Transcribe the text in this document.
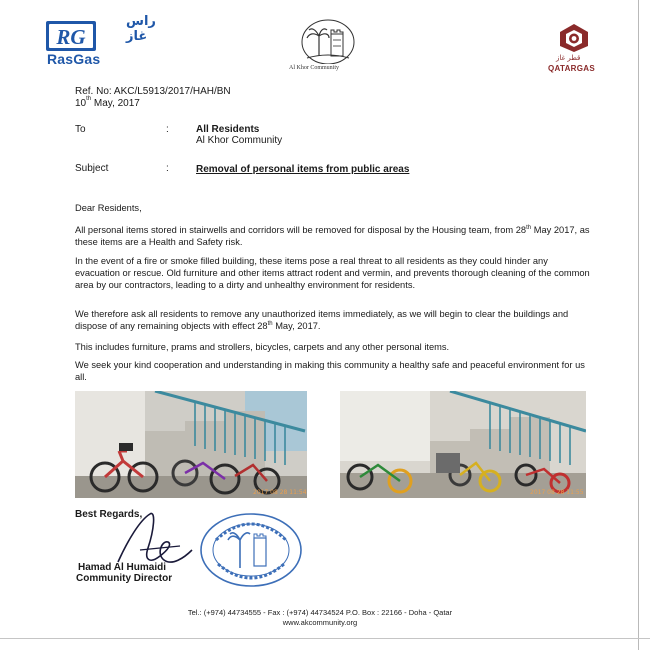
RG
راس غاز
RasGas
Al Khor Community
قطر غاز
QATARGAS
Ref. No: AKC/L5913/2017/HAH/BN
10th May, 2017
To	:	All Residents
Al Khor Community
Subject	:	Removal of personal items from public areas
Dear Residents,
All personal items stored in stairwells and corridors will be removed for disposal by the Housing team, from 28th May 2017, as these items are a Health and Safety risk.
In the event of a fire or smoke filled building, these items pose a real threat to all residents as they could hinder any evacuation or rescue. Old furniture and other items attract rodent and vermin, and prevents thorough cleaning of the common area by our contractors, leading to a dirty and unhealthy environment for residents.
We therefore ask all residents to remove any unauthorized items immediately, as we will begin to clear the buildings and dispose of any remaining objects with effect 28th May, 2017.
This includes furniture, prams and strollers, bicycles, carpets and any other personal items.
We seek your kind cooperation and understanding in making this community a healthy safe and peaceful environment for us all.
2017 08 28 11:54	2017 08 28 11:55
Best Regards,
Hamad Al Humaidi
Community Director
Tel.: (+974) 44734555 - Fax : (+974) 44734524 P.O. Box : 22166 - Doha - Qatar
www.akcommunity.org
